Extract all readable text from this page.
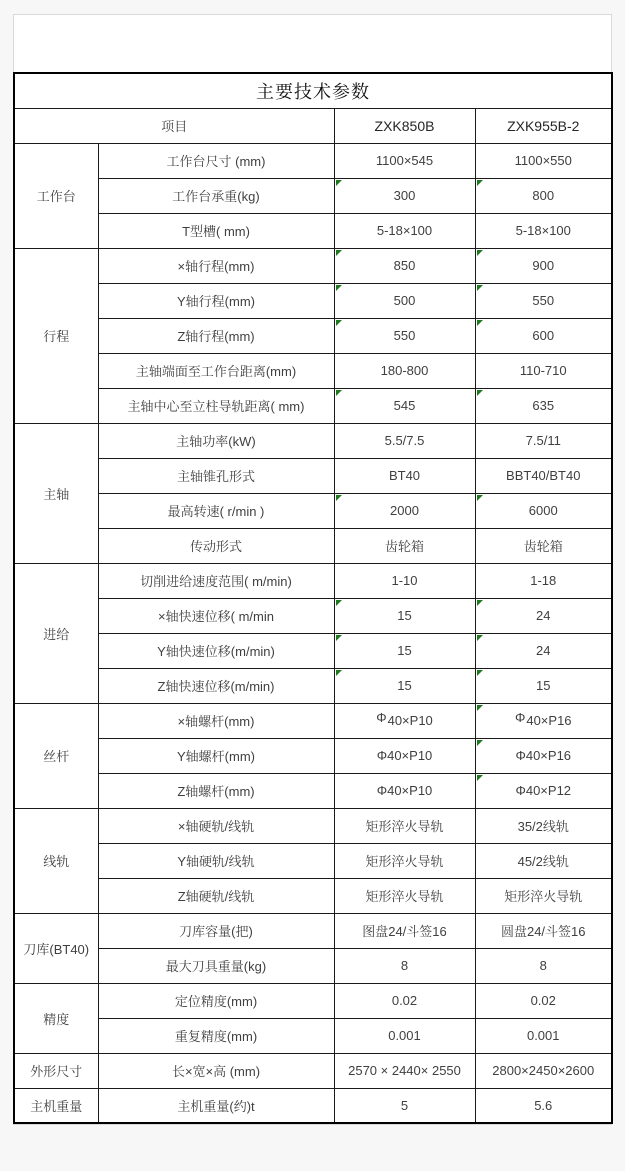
主要技术参数			
项目		ZXK850B	ZXK955B-2
工作台	工作台尺寸 (mm)	1100×545	1100×550
	工作台承重(kg)	300	800

	T型槽( mm)	5-18×100	5-18×100
行程	×轴行程(mm)	850	900

	Y轴行程(mm)	500	550

	Z轴行程(mm)	550	600

	主轴端面至工作台距离(mm)	180-800	110-710
	主轴中心至立柱导轨距离( mm)	545	635

主轴	主轴功率(kW)	5.5/7.5	7.5/11
	主轴锥孔形式	BT40	BBT40/BT40
	最高转速( r/min )	2000	6000

	传动形式	齿轮箱	齿轮箱
进给	切削进给速度范围( m/min)	1-10	1-18
	×轴快速位移( m/min	15	24

	Y轴快速位移(m/min)	15	24

	Z轴快速位移(m/min)	15	15

丝杆	×轴螺杆(mm)	Φ40×P10	Φ40×P16

	Y轴螺杆(mm)	Φ40×P10	Φ40×P16

	Z轴螺杆(mm)	Φ40×P10	Φ40×P12

线轨	×轴硬轨/线轨	矩形淬火导轨	35/2线轨
	Y轴硬轨/线轨	矩形淬火导轨	45/2线轨
	Z轴硬轨/线轨	矩形淬火导轨	矩形淬火导轨
刀库(BT40)	刀库容量(把)	图盘24/斗签16	圆盘24/斗签16
	最大刀具重量(kg)	8	8
精度	定位精度(mm)	0.02	0.02
	重复精度(mm)	0.001	0.001
外形尺寸	长×宽×高 (mm)	2570 × 2440× 2550	2800×2450×2600
主机重量	主机重量(约)t	5	5.6
